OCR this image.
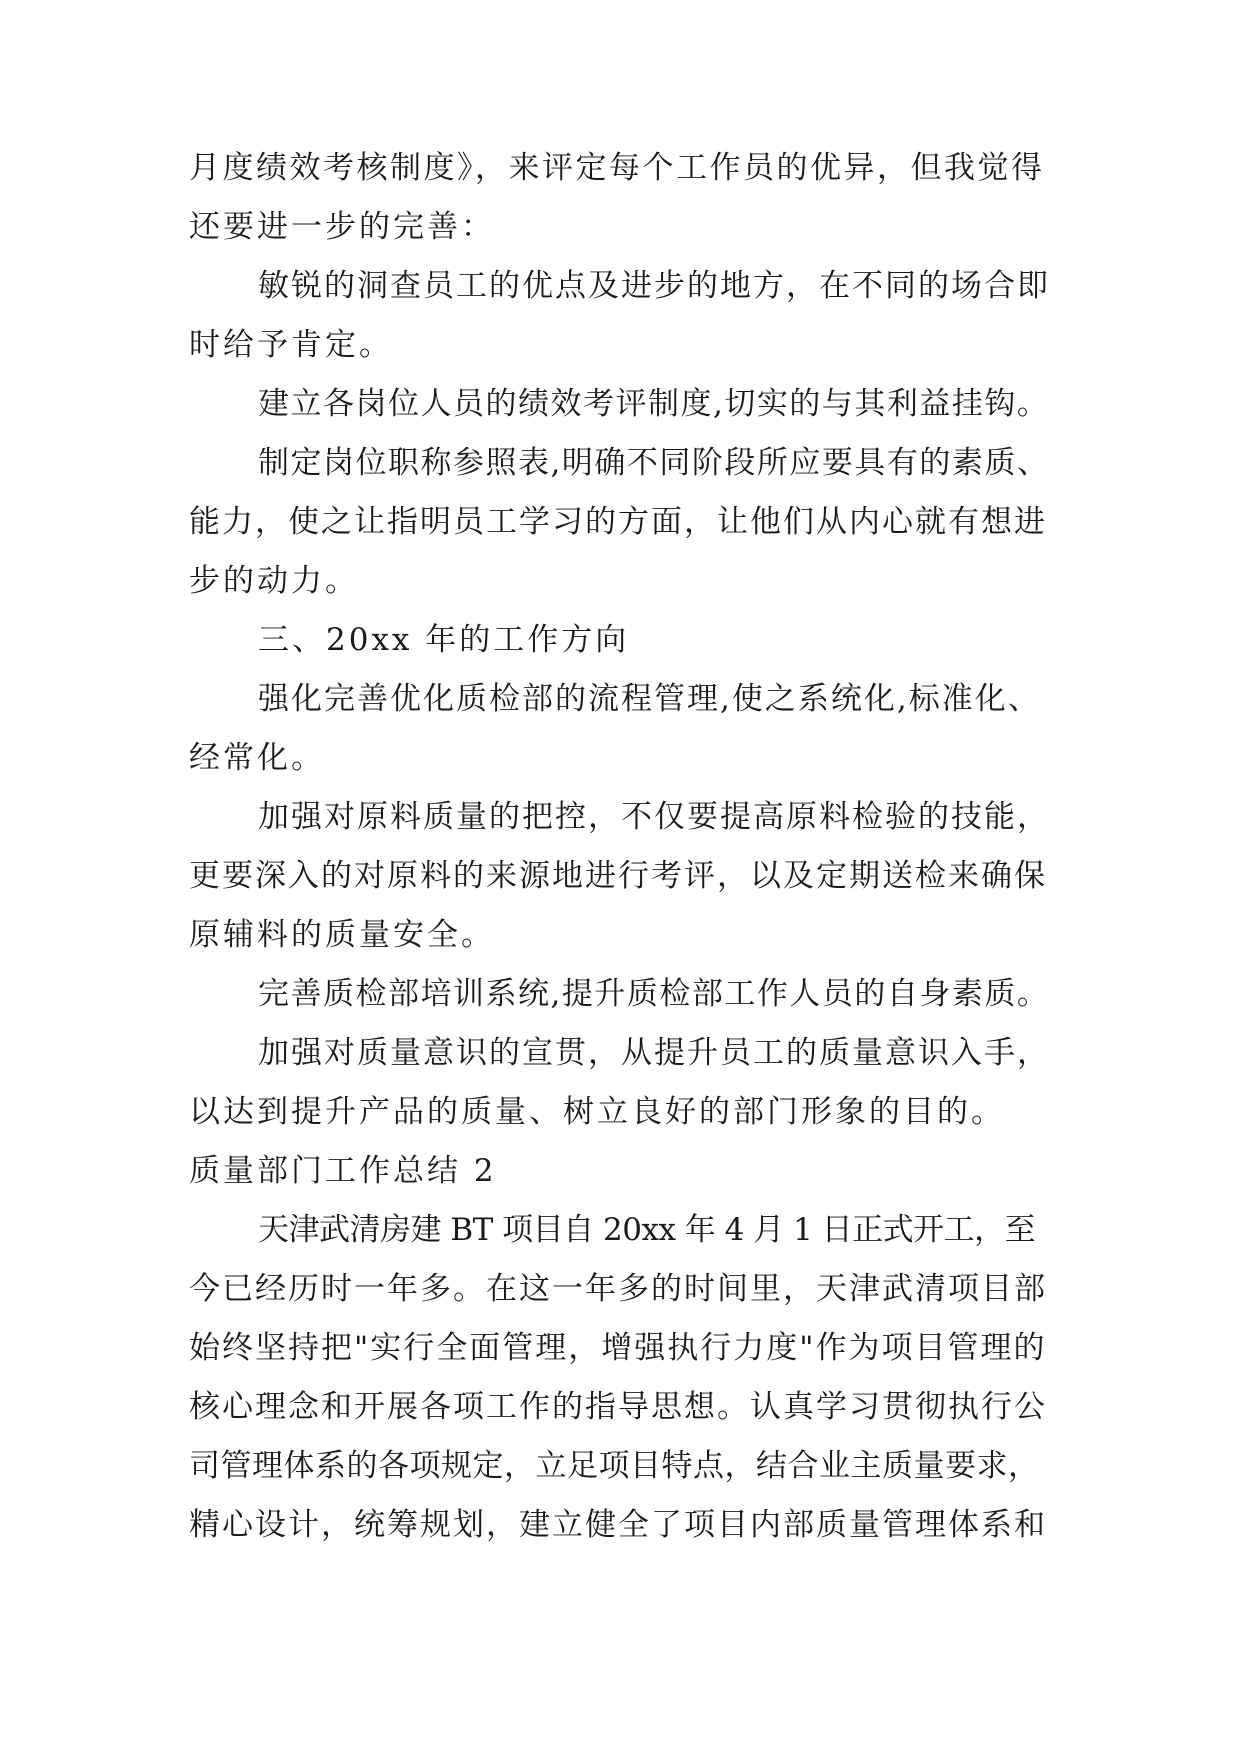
月度绩效考核制度》，来评定每个工作员的优异，但我觉得
还要进一步的完善：
敏锐的洞查员工的优点及进步的地方，在不同的场合即
时给予肯定。
建立各岗位人员的绩效考评制度,切实的与其利益挂钩。
制定岗位职称参照表,明确不同阶段所应要具有的素质、
能力，使之让指明员工学习的方面，让他们从内心就有想进
步的动力。
三、20xx 年的工作方向
强化完善优化质检部的流程管理,使之系统化,标准化、
经常化。
加强对原料质量的把控，不仅要提高原料检验的技能，
更要深入的对原料的来源地进行考评，以及定期送检来确保
原辅料的质量安全。
完善质检部培训系统,提升质检部工作人员的自身素质。
加强对质量意识的宣贯，从提升员工的质量意识入手，
以达到提升产品的质量、树立良好的部门形象的目的。
质量部门工作总结 2
天津武清房建 BT 项目自 20xx 年 4 月 1 日正式开工，至
今已经历时一年多。在这一年多的时间里，天津武清项目部
始终坚持把"实行全面管理，增强执行力度"作为项目管理的
核心理念和开展各项工作的指导思想。认真学习贯彻执行公
司管理体系的各项规定，立足项目特点，结合业主质量要求，
精心设计，统筹规划，建立健全了项目内部质量管理体系和
